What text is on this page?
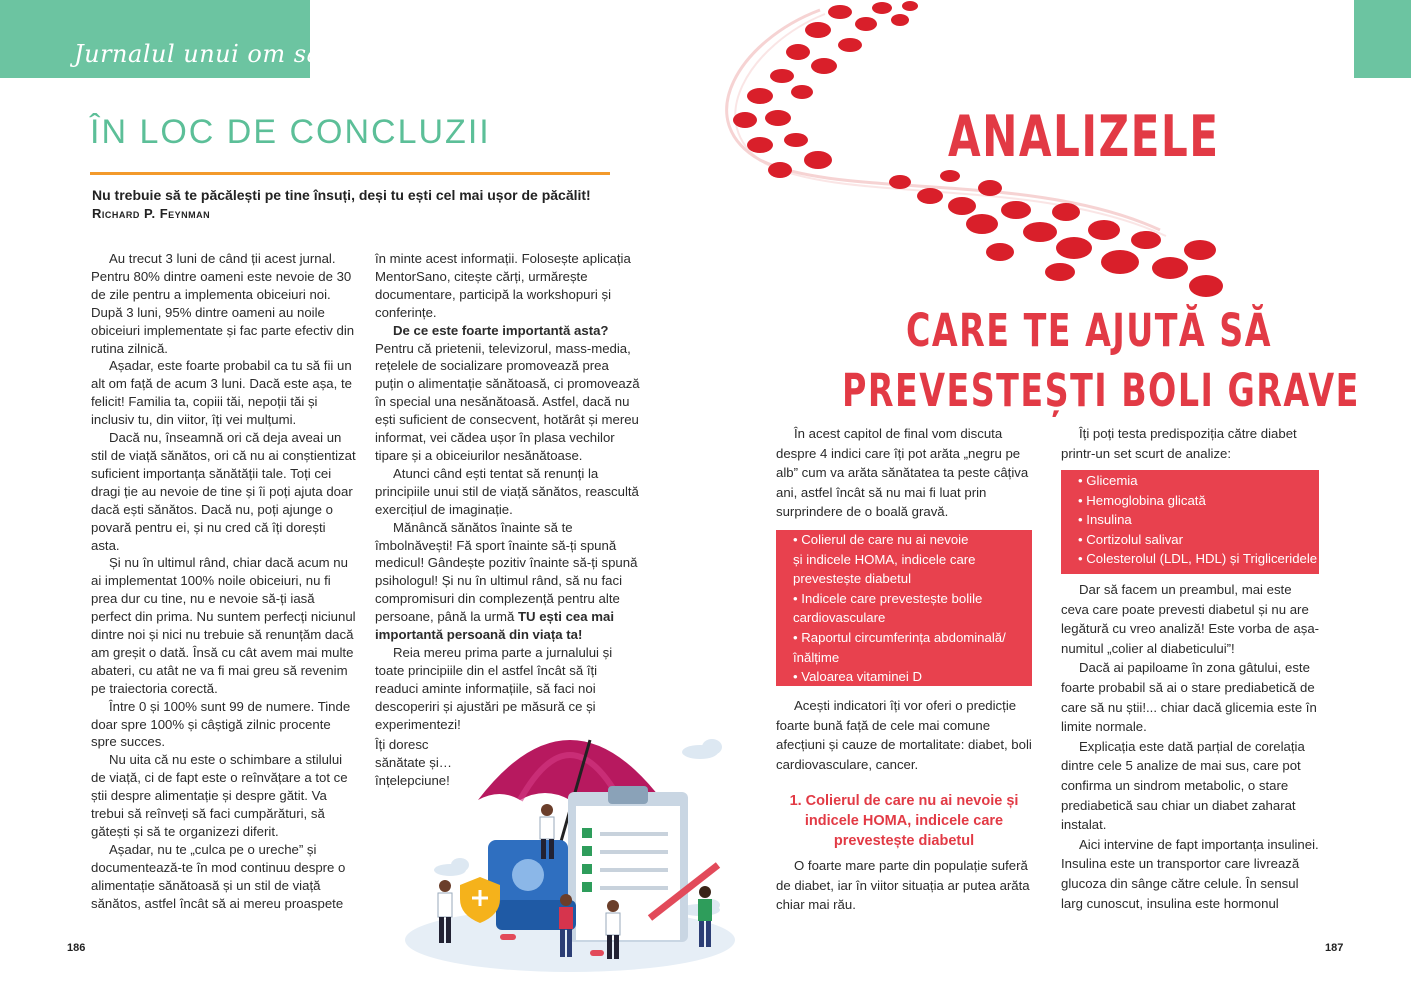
Jurnalul unui om sănătos
ÎN LOC DE CONCLUZII
Nu trebuie să te păcălești pe tine însuți, deși tu ești cel mai ușor de păcălit!
Richard P. Feynman

Au trecut 3 luni de când ții acest jurnal. Pentru 80% dintre oameni este nevoie de 30 de zile pentru a implementa obiceiuri noi. După 3 luni, 95% dintre oameni au noile obiceiuri implementate și fac parte efectiv din rutina zilnică.

Așadar, este foarte probabil ca tu să fii un alt om față de acum 3 luni. Dacă este așa, te felicit! Familia ta, copiii tăi, nepoții tăi și inclusiv tu, din viitor, îți vei mulțumi.

Dacă nu, înseamnă ori că deja aveai un stil de viață sănătos, ori că nu ai conștientizat suficient importanța sănătății tale. Toți cei dragi ție au nevoie de tine și îi poți ajuta doar dacă ești sănătos. Dacă nu, poți ajunge o povară pentru ei, și nu cred că îți dorești asta.

Și nu în ultimul rând, chiar dacă acum nu ai implementat 100% noile obiceiuri, nu fi prea dur cu tine, nu e nevoie să-ți iasă perfect din prima. Nu suntem perfecți niciunul dintre noi și nici nu trebuie să renunțăm dacă am greșit o dată. Însă cu cât avem mai multe abateri, cu atât ne va fi mai greu să revenim pe traiectoria corectă.

Între 0 și 100% sunt 99 de numere. Tinde doar spre 100% și câștigă zilnic procente spre succes.

Nu uita că nu este o schimbare a stilului de viață, ci de fapt este o reînvățare a tot ce știi despre alimentație și despre gătit. Va trebui să reînveți să faci cumpărături, să gătești și să te organizezi diferit.

Așadar, nu te „culca pe o ureche” și documentează-te în mod continuu despre o alimentație sănătoasă și un stil de viață sănătos, astfel încât să ai mereu proaspete

în minte acest informații. Folosește aplicația MentorSano, citește cărți, urmărește documentare, participă la workshopuri și conferințe.

De ce este foarte importantă asta?

Pentru că prietenii, televizorul, mass-media, rețelele de socializare promovează prea puțin o alimentație sănătoasă, ci promovează în special una nesănătoasă. Astfel, dacă nu ești suficient de consecvent, hotărât și mereu informat, vei cădea ușor în plasa vechilor tipare și a obiceiurilor nesănătoase.

Atunci când ești tentat să renunți la principiile unui stil de viață sănătos, reascultă exercițiul de imaginație.

Mănâncă sănătos înainte să te îmbolnăvești! Fă sport înainte să-ți spună medicul! Gândește pozitiv înainte să-ți spună psihologul! Și nu în ultimul rând, să nu faci compromisuri din complezență pentru alte persoane, până la urmă TU ești cea mai importantă persoană din viața ta!

Reia mereu prima parte a jurnalului și toate principiile din el astfel încât să îți readuci aminte informațiile, să faci noi descoperiri și ajustări pe măsură ce și experimentezi!

Îți doresc sănătate și… înțelepciune!
186
ANALIZELE
CARE TE AJUTĂ SĂ
PREVESTEȘTI BOLI GRAVE

În acest capitol de final vom discuta despre 4 indici care îți pot arăta „negru pe alb” cum va arăta sănătatea ta peste câțiva ani, astfel încât să nu mai fi luat prin surprindere de o boală gravă.

• Colierul de care nu ai nevoie
și indicele HOMA, indicele care
prevestește diabetul
• Indicele care prevestește bolile
cardiovasculare
• Raportul circumferința abdominală/
înălțime
• Valoarea vitaminei D

Acești indicatori îți vor oferi o predicție foarte bună față de cele mai comune afecțiuni și cauze de mortalitate: diabet, boli cardiovasculare, cancer.

1. Colierul de care nu ai nevoie și indicele HOMA, indicele care prevestește diabetul

O foarte mare parte din populație suferă de diabet, iar în viitor situația ar putea arăta chiar mai rău.

Îți poți testa predispoziția către diabet printr-un set scurt de analize:

• Glicemia
• Hemoglobina glicată
• Insulina
• Cortizolul salivar
• Colesterolul (LDL, HDL) și Trigliceridele

Dar să facem un preambul, mai este ceva care poate prevesti diabetul și nu are legătură cu vreo analiză! Este vorba de așa-numitul „colier al diabeticului”!

Dacă ai papiloame în zona gâtului, este foarte probabil să ai o stare prediabetică de care să nu știi!... chiar dacă glicemia este în limite normale.

Explicația este dată parțial de corelația dintre cele 5 analize de mai sus, care pot confirma un sindrom metabolic, o stare prediabetică sau chiar un diabet zaharat instalat.

Aici intervine de fapt importanța insulinei. Insulina este un transportor care livrează glucoza din sânge către celule. În sensul larg cunoscut, insulina este hormonul

187
